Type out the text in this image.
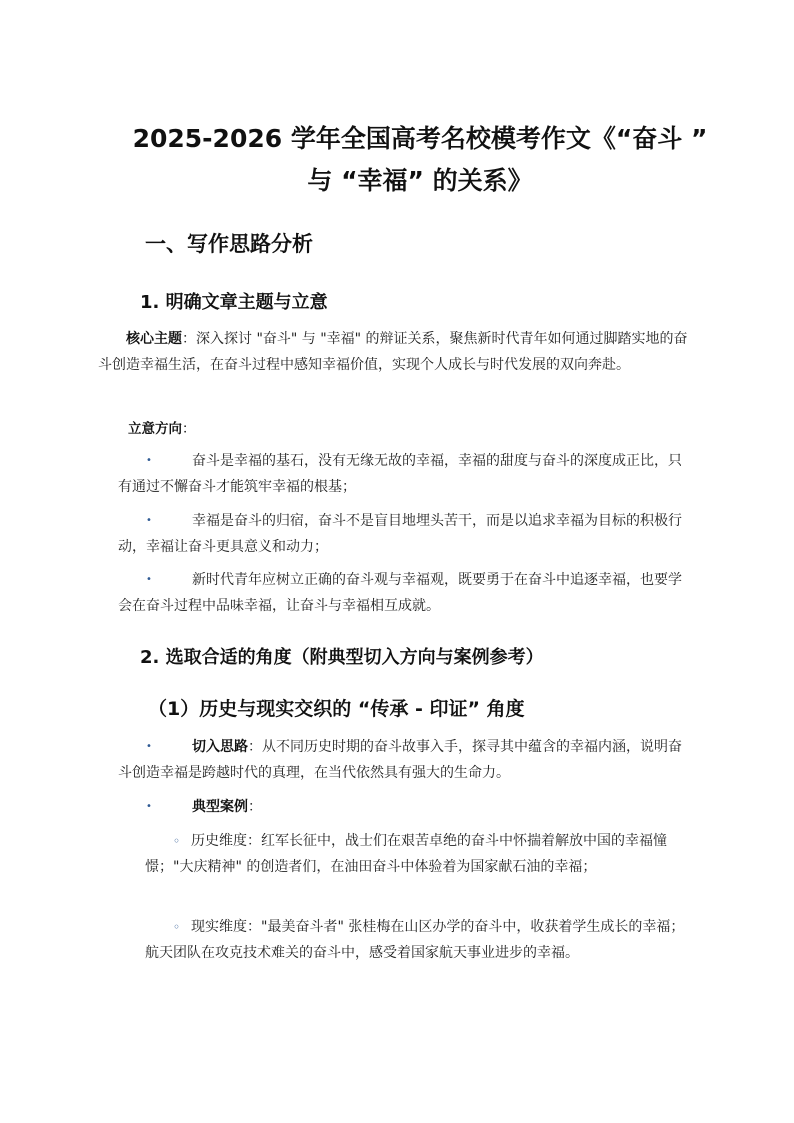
2025-2026 学年全国高考名校模考作文《“奋斗 ” 与 “幸福” 的关系》
一、写作思路分析
1. 明确文章主题与立意
核心主题：深入探讨 "奋斗" 与 "幸福" 的辩证关系，聚焦新时代青年如何通过脚踏实地的奋斗创造幸福生活，在奋斗过程中感知幸福价值，实现个人成长与时代发展的双向奔赴。
立意方向：
•	奋斗是幸福的基石，没有无缘无故的幸福，幸福的甜度与奋斗的深度成正比，只有通过不懈奋斗才能筑牢幸福的根基；
•	幸福是奋斗的归宿，奋斗不是盲目地埋头苦干，而是以追求幸福为目标的积极行动，幸福让奋斗更具意义和动力；
•	新时代青年应树立正确的奋斗观与幸福观，既要勇于在奋斗中追逐幸福，也要学会在奋斗过程中品味幸福，让奋斗与幸福相互成就。
2. 选取合适的角度（附典型切入方向与案例参考）
（1）历史与现实交织的 “传承 - 印证” 角度
•	切入思路：从不同历史时期的奋斗故事入手，探寻其中蕴含的幸福内涵，说明奋斗创造幸福是跨越时代的真理，在当代依然具有强大的生命力。
•	典型案例：
◦ 历史维度：红军长征中，战士们在艰苦卓绝的奋斗中怀揣着解放中国的幸福憧憬；"大庆精神" 的创造者们，在油田奋斗中体验着为国家献石油的幸福；
◦ 现实维度："最美奋斗者" 张桂梅在山区办学的奋斗中，收获着学生成长的幸福；航天团队在攻克技术难关的奋斗中，感受着国家航天事业进步的幸福。
